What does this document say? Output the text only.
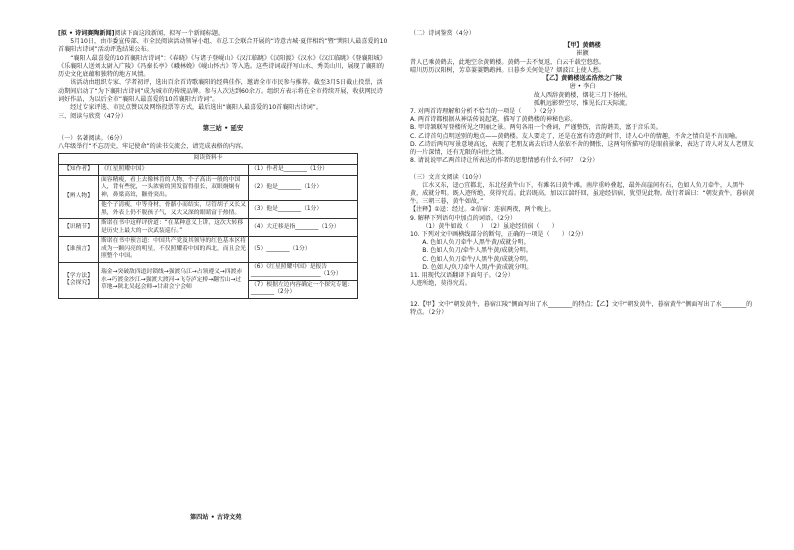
[拟 • 诗词赛陶新闻]阅读下面这段新闻，拟写一个新闻标题。

5月10日，由市委宣传部、市全民阅读活动领导小组、市总工会联合开展的“诗意古城·夏伴相约”暨“巽阳人最喜爱的10首襄阳古诗词”活动评选结果公布。

“襄阳人最喜爱的10首襄阳古诗词”：《春晓》《与诸子登岘山》《汉江临眺》《汉阳渡》《汉水》《汉江临眺》《登襄阳城》《乐襄阳人送刘太尉入广陵》《冯秦长亭》《峨林娩》《岘山怀古》等入选。这些诗词或抒写山水、秀美山川，展现了襄阳的历史文化底蕴和独特的地方风情。

该活动由组织专家、学者初评，选出百余首诗歌襄阳的经典佳作，邀请全市市民参与推荐。截至3月5日截止投票，活动期间启动了“为下襄阳古诗词”成为城市的传统品牌。参与人次达到60余万。组织方表示将在全市持续开展，收获网民诗词好作品，为以后全市“襄阳人最喜爱的10首襄阳古诗词”。

经过专家评选、市民点赞以及网络投票等方式，最后选出“襄阳人最喜爱的10首襄阳古诗词”。

三、阅读与欣赏（47分）

第三站 • 延安

（一）名著阅读。（6分）

八年级举行“不忘历史，牢记使命”的读书交流会，请完成表格的内容。

阅读资料卡		
【知作者】	《红星照耀中国》	（1）作者是________（1分）
【辨人物】	面容精瘦，看上去像林肯的人物，个子高出一般的中国人，背有些驼，一头浓密的黑发留得很长，双眼炯炯有神，鼻梁高耸，颧骨突出。	（2）他是________（1分）
	他个子清瘦，中等身材，骨骼小而结实，尽管胡子又长又黑，外表上仍不脱孩子气，又大又深的眼睛富于热情。	（3）他是________（1分）
【识精节】	斯诺在书中这样评价道：“在某种意义上讲，这次大转移是历史上最大的一次武装巡行。”	（4）大迁移是指________（1分）
【谁预言】	斯诺在书中预言道：中国共产党及其领导的红色基本区将成为一颗闪亮的明星，不仅照耀着中国的西北，而且会光照整个中国。	（5）________（1分）
【学方法】【会探究】	瑞金→突破敌四道封锁线→强渡乌江→占领遵义→四渡赤水→巧渡金沙江→强渡大渡河→飞夺泸定桥→翻雪山→过草地→陕北吴起会师→甘肃会宁会师	（6）《红星照耀中国》是报告________________________（1分）
		（7）根据左边内容确定一个探究专题：________（2分）

第四站 • 古诗文苑

（二）诗词鉴赏（4分）

【甲】黄鹤楼

崔颢

昔人已乘黄鹤去，此地空余黄鹤楼。黄鹤一去不复返，白云千载空悠悠。

晴川历历汉阳树，芳草萋萋鹦鹉洲。日暮乡关何处是？烟波江上使人愁。

【乙】黄鹤楼送孟浩然之广陵

唐 • 李白

故人西辞黄鹤楼，烟花三月下扬州。

孤帆远影碧空尽，惟见长江天际流。

7. 对两首诗理解和分析不恰当的一项是（　　）（2分）

A. 两首诗都根据从神话传说起笔，描写了黄鹤楼的神秘色彩。

B. 甲诗颔联写登楼所见之明丽之景。两句各用一个叠词，严谨整饬，音韵谐美，富于音乐美。

C. 乙诗首句点明送别的地点——黄鹤楼。友人要走了，还是在富有诗意的时节，诗人心中的情趣，不舍之情自是不言而喻。

D. 乙诗后两句写景意境高远，表现了老朋友离去后诗人依依不舍的惆怅，这两句所描写的是眼前景象，表达了诗人对友人老朋友的一片深情，还有无限的向往之情。

8. 请说说甲乙两首诗让所表达的作者的思想情感有什么不同？（2分）

（三）文言文阅读（10分）

江水又东，迳○宜都北，东北径黄牛山下，有滩名曰黄牛滩。南岸重岭叠起，最外高崖间有石，色如人负刀牵牛，人黑牛黄，成就分明。既人迹所绝，莫得究焉。此岩既高，加以江湍纡回，虽途经信宿，犹望见此物。故行者谣曰：“朝发黄牛，暮宿黄牛。三朝三暮，黄牛如故。”

【注释】①迳：经过。②信宿：连宿两夜，两个晚上。

9. 解释下列语句中加点的词语。（2分）

（1）黄牛如故（　　）　（2）虽途经信宿（　　）

10. 下列对文中画横线部分的断句，正确的一项是（　　）（2分）

A. 色如人负刀牵牛人黑牛黄/成就分明。

B. 色如人负刀/牵牛人黑牛黄/成就分明。

C. 色如人负刀牵牛/人黑牛黄/成就分明。

D. 色如人/负刀牵牛人黑/牛黄成就分明。

11. 用现代汉语翻译下面句子。（2分）

人迹所绝，莫得究焉。

12.【甲】文中“朝发黄牛，暮宿江陵”侧面写出了水________的特点；【乙】文中“朝发黄牛，暮宿黄牛”侧面写出了水________的特点。（2分）
